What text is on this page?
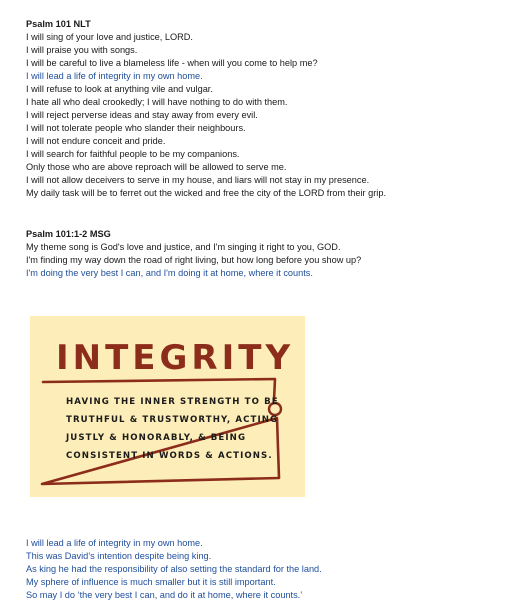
Psalm 101 NLT
I will sing of your love and justice, LORD.
I will praise you with songs.
I will be careful to live a blameless life - when will you come to help me?
I will lead a life of integrity in my own home.
I will refuse to look at anything vile and vulgar.
I hate all who deal crookedly; I will have nothing to do with them.
I will reject perverse ideas and stay away from every evil.
I will not tolerate people who slander their neighbours.
I will not endure conceit and pride.
I will search for faithful people to be my companions.
Only those who are above reproach will be allowed to serve me.
I will not allow deceivers to serve in my house, and liars will not stay in my presence.
My daily task will be to ferret out the wicked and free the city of the LORD from their grip.
Psalm 101:1-2 MSG
My theme song is God's love and justice, and I'm singing it right to you, GOD.
I'm finding my way down the road of right living, but how long before you show up?
I'm doing the very best I can, and I'm doing it at home, where it counts.
INTEGRITY
HAVING THE INNER STRENGTH TO BE
TRUTHFUL & TRUSTWORTHY, ACTING
JUSTLY & HONORABLY, & BEING
CONSISTENT IN WORDS & ACTIONS.
I will lead a life of integrity in my own home.
This was David’s intention despite being king.
As king he had the responsibility of also setting the standard for the land.
My sphere of influence is much smaller but it is still important.
So may I do ‘the very best I can, and do it at home, where it counts.’
